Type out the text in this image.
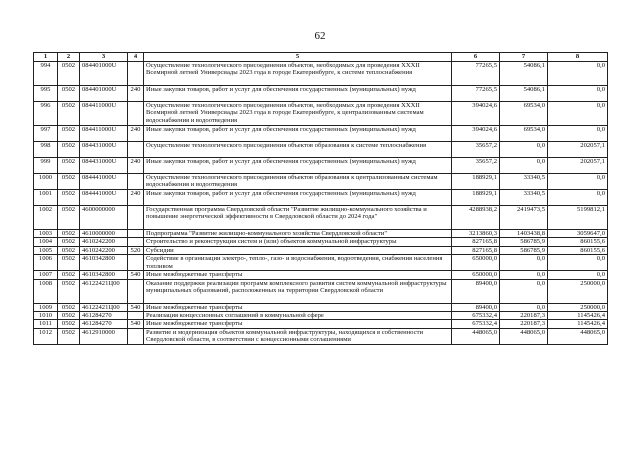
62
1	2	3	4	5	6	7	8
994	0502	084401000U		Осуществление технологического присоединения объектов, необходимых для проведения XXXII Всемирной летней Универсиады 2023 года в городе Екатеринбурге, к системе теплоснабжения	77265,5	54086,1	0,0
995	0502	084401000U	240	Иные закупки товаров, работ и услуг для обеспечения государственных (муниципальных) нужд	77265,5	54086,1	0,0
996	0502	084411000U		Осуществление технологического присоединения объектов, необходимых для проведения XXXII Всемирной летней Универсиады 2023 года в городе Екатеринбурге, к централизованным системам водоснабжения и водоотведения	394024,6	69534,0	0,0
997	0502	084411000U	240	Иные закупки товаров, работ и услуг для обеспечения государственных (муниципальных) нужд	394024,6	69534,0	0,0
998	0502	084431000U		Осуществление технологического присоединения объектов образования к системе теплоснабжения	35657,2	0,0	202057,1
999	0502	084431000U	240	Иные закупки товаров, работ и услуг для обеспечения государственных (муниципальных) нужд	35657,2	0,0	202057,1
1000	0502	084441000U		Осуществление технологического присоединения объектов образования к централизованным системам водоснабжения и водоотведения	188929,1	33340,5	0,0
1001	0502	084441000U	240	Иные закупки товаров, работ и услуг для обеспечения государственных (муниципальных) нужд	188929,1	33340,5	0,0
1002	0502	4600000000		Государственная программа Свердловской области "Развитие жилищно-коммунального хозяйства и повышение энергетической эффективности в Свердловской области до 2024 года"	4288938,2	2419473,5	5199812,1
1003	0502	4610000000		Подпрограмма "Развитие жилищно-коммунального хозяйства Свердловской области"	3213860,3	1403438,8	3059647,0
1004	0502	4610242200		Строительство и реконструкция систем и (или) объектов коммунальной инфраструктуры	827165,8	586785,9	860155,6
1005	0502	4610242200	520	Субсидии	827165,8	586785,9	860155,6
1006	0502	4610342800		Содействие в организации электро-, тепло-, газо- и водоснабжения, водоотведения, снабжения населения топливом	650000,0	0,0	0,0
1007	0502	4610342800	540	Иные межбюджетные трансферты	650000,0	0,0	0,0
1008	0502	46122421Ц00		Оказание поддержки реализации программ комплексного развития систем коммунальной инфраструктуры муниципальных образований, расположенных на территории Свердловской области	89400,0	0,0	250000,0
1009	0502	46122421Ц00	540	Иные межбюджетные трансферты	89400,0	0,0	250000,0
1010	0502	461284270		Реализация концессионных соглашений в коммунальной сфере	675332,4	220187,3	1145426,4
1011	0502	461284270	540	Иные межбюджетные трансферты	675332,4	220187,3	1145426,4
1012	0502	4612910000		Развитие и модернизация объектов коммунальной инфраструктуры, находящихся в собственности Свердловской области, в соответствии с концессионными соглашениями	448065,0	448065,0	448065,0
